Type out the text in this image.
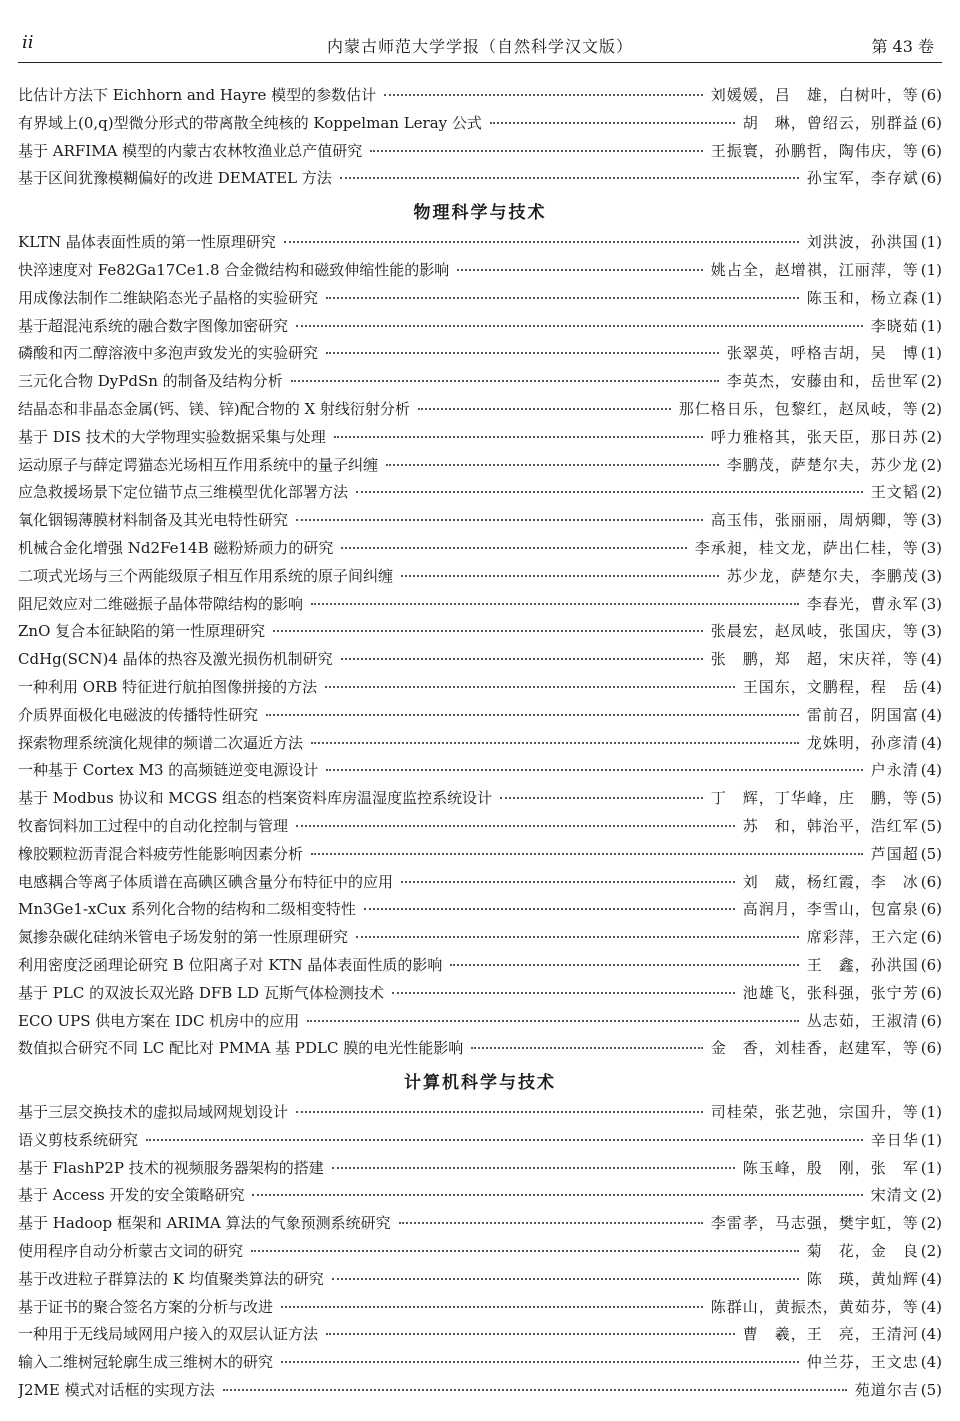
ii	内蒙古师范大学学报（自然科学汉文版）	第 43 卷
比估计方法下 Eichhorn and Hayre 模型的参数估计	刘媛媛，吕　雄，白树叶，等 (6)
有界域上(0,q)型微分形式的带离散全纯核的 Koppelman Leray 公式	胡　琳，曾绍云，别群益 (6)
基于 ARFIMA 模型的内蒙古农林牧渔业总产值研究	王振寰，孙鹏哲，陶伟庆，等 (6)
基于区间犹豫模糊偏好的改进 DEMATEL 方法	孙宝军，李存斌 (6)
物理科学与技术
KLTN 晶体表面性质的第一性原理研究	刘洪波，孙洪国 (1)
快淬速度对 Fe82Ga17Ce1.8 合金微结构和磁致伸缩性能的影响	姚占全，赵增祺，江丽萍，等 (1)
用成像法制作二维缺陷态光子晶格的实验研究	陈玉和，杨立森 (1)
基于超混沌系统的融合数字图像加密研究	李晓茹 (1)
磷酸和丙二醇溶液中多泡声致发光的实验研究	张翠英，呼格吉胡，吴　博 (1)
三元化合物 DyPdSn 的制备及结构分析	李英杰，安藤由和，岳世军 (2)
结晶态和非晶态金属(钙、镁、锌)配合物的 X 射线衍射分析	那仁格日乐，包黎红，赵凤岐，等 (2)
基于 DIS 技术的大学物理实验数据采集与处理	呼力雅格其，张天臣，那日苏 (2)
运动原子与薛定谔猫态光场相互作用系统中的量子纠缠	李鹏茂，萨楚尔夫，苏少龙 (2)
应急救援场景下定位锚节点三维模型优化部署方法	王文韬 (2)
氧化铟锡薄膜材料制备及其光电特性研究	高玉伟，张丽丽，周炳卿，等 (3)
机械合金化增强 Nd2Fe14B 磁粉矫顽力的研究	李承昶，桂文龙，萨出仁桂，等 (3)
二项式光场与三个两能级原子相互作用系统的原子间纠缠	苏少龙，萨楚尔夫，李鹏茂 (3)
阻尼效应对二维磁振子晶体带隙结构的影响	李春光，曹永军 (3)
ZnO 复合本征缺陷的第一性原理研究	张晨宏，赵凤岐，张国庆，等 (3)
CdHg(SCN)4 晶体的热容及激光损伤机制研究	张　鹏，郑　超，宋庆祥，等 (4)
一种利用 ORB 特征进行航拍图像拼接的方法	王国东，文鹏程，程　岳 (4)
介质界面极化电磁波的传播特性研究	雷前召，阴国富 (4)
探索物理系统演化规律的频谱二次逼近方法	龙姝明，孙彦清 (4)
一种基于 Cortex M3 的高频链逆变电源设计	户永清 (4)
基于 Modbus 协议和 MCGS 组态的档案资料库房温湿度监控系统设计	丁　辉，丁华峰，庄　鹏，等 (5)
牧畜饲料加工过程中的自动化控制与管理	苏　和，韩治平，浩红军 (5)
橡胶颗粒沥青混合料疲劳性能影响因素分析	芦国超 (5)
电感耦合等离子体质谱在高碘区碘含量分布特征中的应用	刘　葳，杨红霞，李　冰 (6)
Mn3Ge1-xCux 系列化合物的结构和二级相变特性	高润月，李雪山，包富泉 (6)
氮掺杂碳化硅纳米管电子场发射的第一性原理研究	席彩萍，王六定 (6)
利用密度泛函理论研究 B 位阳离子对 KTN 晶体表面性质的影响	王　鑫，孙洪国 (6)
基于 PLC 的双波长双光路 DFB LD 瓦斯气体检测技术	池雄飞，张科强，张宁芳 (6)
ECO UPS 供电方案在 IDC 机房中的应用	丛志茹，王淑清 (6)
数值拟合研究不同 LC 配比对 PMMA 基 PDLC 膜的电光性能影响	金　香，刘桂香，赵建军，等 (6)
计算机科学与技术
基于三层交换技术的虚拟局域网规划设计	司桂荣，张艺弛，宗国升，等 (1)
语义剪枝系统研究	辛日华 (1)
基于 FlashP2P 技术的视频服务器架构的搭建	陈玉峰，殷　刚，张　军 (1)
基于 Access 开发的安全策略研究	宋清文 (2)
基于 Hadoop 框架和 ARIMA 算法的气象预测系统研究	李雷孝，马志强，樊宇虹，等 (2)
使用程序自动分析蒙古文词的研究	菊　花，金　良 (2)
基于改进粒子群算法的 K 均值聚类算法的研究	陈　瑛，黄灿辉 (4)
基于证书的聚合签名方案的分析与改进	陈群山，黄振杰，黄茹芬，等 (4)
一种用于无线局域网用户接入的双层认证方法	曹　羲，王　亮，王清河 (4)
输入二维树冠轮廓生成三维树木的研究	仲兰芬，王文忠 (4)
J2ME 模式对话框的实现方法	苑道尔吉 (5)
